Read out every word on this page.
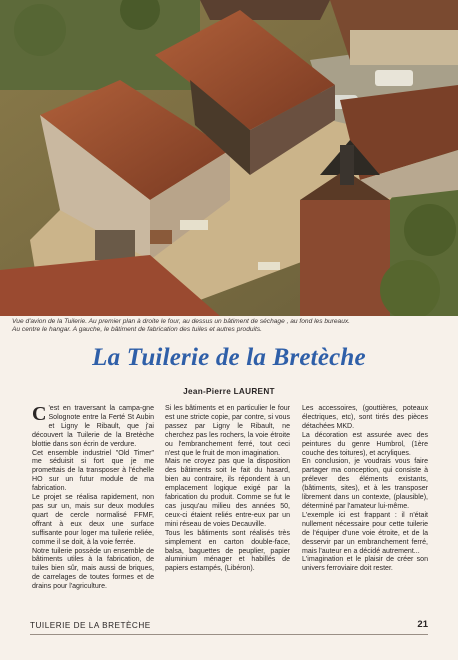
Vue d'avion de la Tuilerie. Au premier plan à droite le four, au dessus un bâtiment de séchage , au fond les bureaux.

Au centre le hangar. A gauche, le bâtiment de fabrication des tuiles et autres produits.

La Tuilerie de la Bretèche
Jean-Pierre LAURENT

C 'est en traversant la campa-gne Solognote entre la Ferté St Aubin et Ligny le Ribault, que j'ai découvert la Tuilerie de la Bretèche blottie dans son écrin de verdure.

Cet ensemble industriel "Old Timer" me séduisit si fort que je me promettais de la transposer à l'échelle HO sur un futur module de ma fabrication.

Le projet se réalisa rapidement, non pas sur un, mais sur deux modules quart de cercle normalisé FFMF, offrant à eux deux une surface suffisante pour loger ma tuilerie reliée, comme il se doit, à la voie ferrée.

Notre tuilerie possède un ensemble de bâtiments utiles à la fabrication, de tuiles bien sûr, mais aussi de briques, de carrelages de toutes formes et de drains pour l'agriculture.

Si les bâtiments et en particulier le four est une stricte copie, par contre, si vous passez par Ligny le Ribault, ne cherchez pas les rochers, la voie étroite ou l'embranchement ferré, tout ceci n'est que le fruit de mon imagination.

Mais ne croyez pas que la disposition des bâtiments soit le fait du hasard, bien au contraire, ils répondent à un emplacement logique exigé par la fabrication du produit. Comme se fut le cas jusqu'au milieu des années 50, ceux-ci étaient reliés entre-eux par un mini réseau de voies Decauville.

Tous les bâtiments sont réalisés très simplement en carton double-face, balsa, baguettes de peuplier, papier aluminium ménager et habillés de papiers estampés, (Libéron).

Les accessoires, (gouttières, poteaux électriques, etc), sont tirés des pièces détachées MKD.

La décoration est assurée avec des peintures du genre Humbrol, (1ère couche des toitures), et acryliques.

En conclusion, je voudrais vous faire partager ma conception, qui consiste à prélever des éléments existants, (bâtiments, sites), et à les transposer librement dans un contexte, (plausible), déterminé par l'amateur lui-même.

L'exemple ici est frappant : il n'était nullement nécessaire pour cette tuilerie de l'équiper d'une voie étroite, et de la desservir par un embranchement ferré, mais l'auteur en a décidé autrement...

L'imagination et le plaisir de créer son univers ferroviaire doit rester.

TUILERIE DE LA BRETÈCHE	21
